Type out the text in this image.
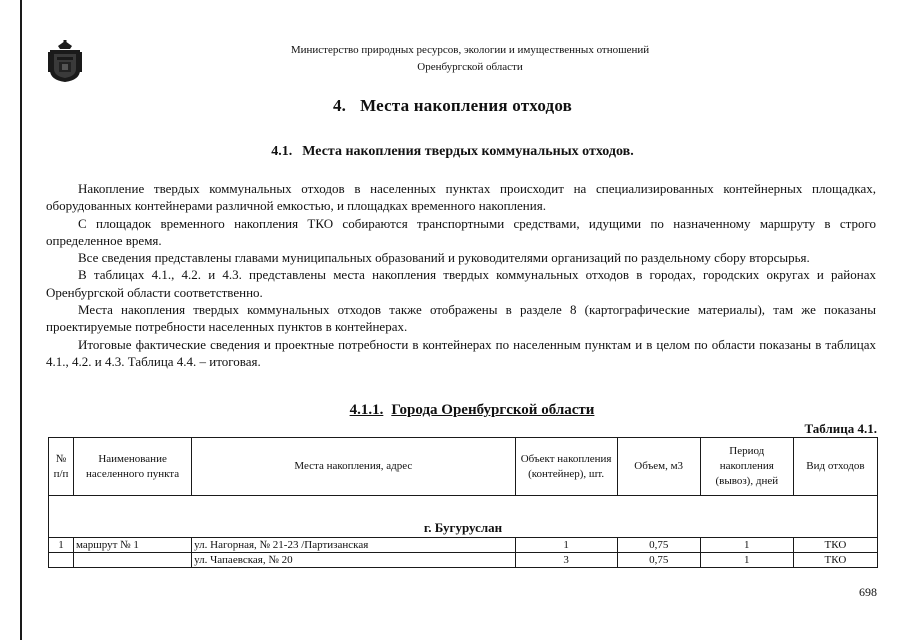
Министерство природных ресурсов, экологии и имущественных отношений
Оренбургской области
4. Места накопления отходов
4.1. Места накопления твердых коммунальных отходов.

Накопление твердых коммунальных отходов в населенных пунктах происходит на специализированных контейнерных площадках, оборудованных контейнерами различной емкостью, и площадках временного накопления.

С площадок временного накопления ТКО собираются транспортными средствами, идущими по назначенному маршруту в строго определенное время.

Все сведения представлены главами муниципальных образований и руководителями организаций по раздельному сбору вторсырья.

В таблицах 4.1., 4.2. и 4.3. представлены места накопления твердых коммунальных отходов в городах, городских округах и районах Оренбургской области соответственно.

Места накопления твердых коммунальных отходов также отображены в разделе 8 (картографические материалы), там же показаны проектируемые потребности населенных пунктов в контейнерах.

Итоговые фактические сведения и проектные потребности в контейнерах по населенным пунктам и в целом по области показаны в таблицах 4.1., 4.2. и 4.3. Таблица 4.4. – итоговая.

4.1.1. Города Оренбургской области
Таблица 4.1.
№ п/п	Наименование населенного пункта	Места накопления, адрес	Объект накопления (контейнер), шт.	Объем, м3	Период накопления (вывоз), дней	Вид отходов
г. Бугуруслан						
1	маршрут № 1	ул. Нагорная, № 21-23 /Партизанская	1	0,75	1	ТКО
		ул. Чапаевская, № 20	3	0,75	1	ТКО
698
